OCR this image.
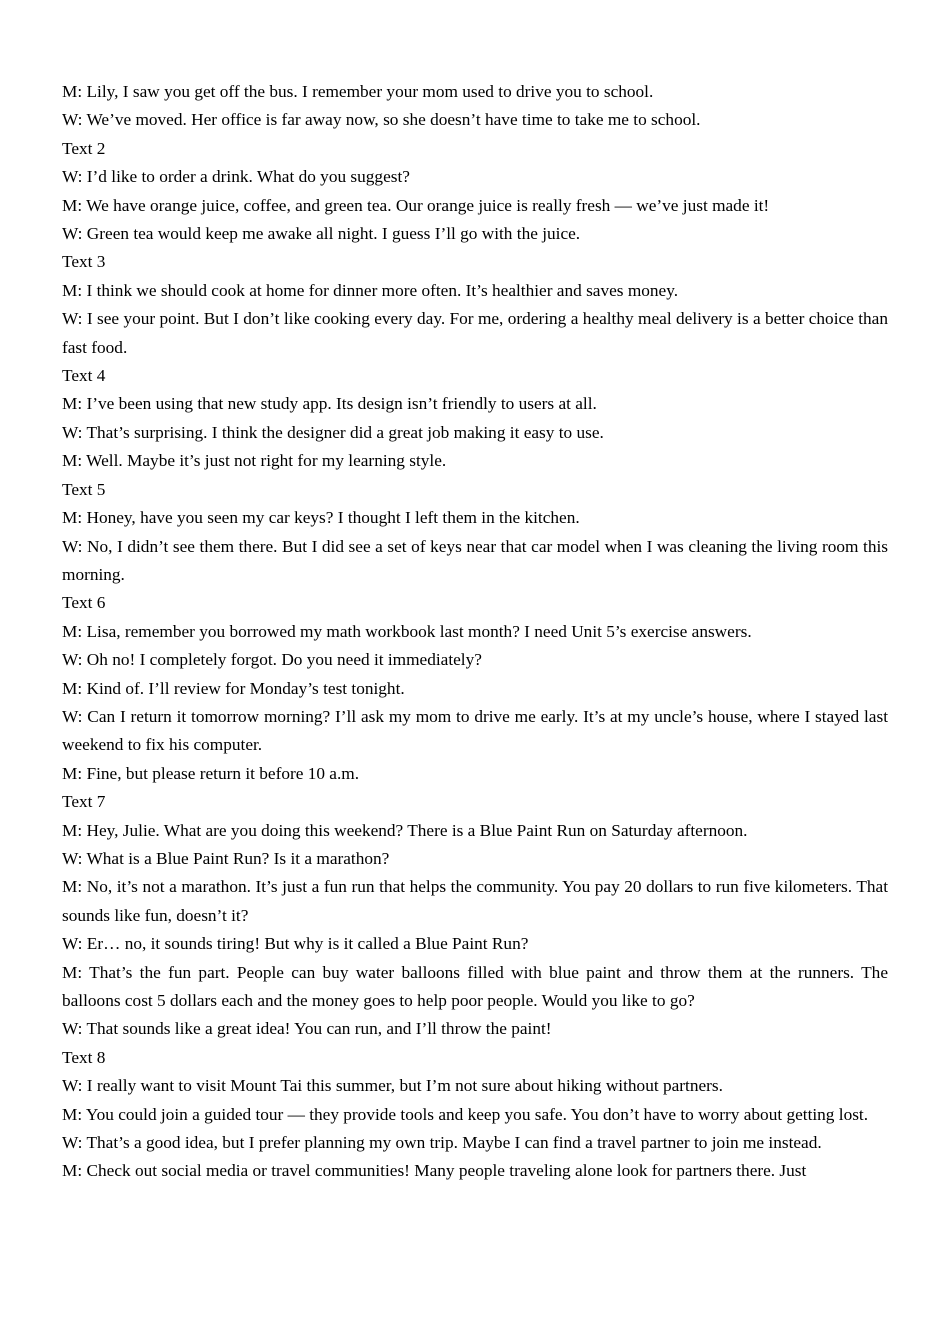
M: Lily, I saw you get off the bus. I remember your mom used to drive you to school.

W: We’ve moved. Her office is far away now, so she doesn’t have time to take me to school.

Text 2

W: I’d like to order a drink. What do you suggest?

M: We have orange juice, coffee, and green tea. Our orange juice is really fresh — we’ve just made it!

W: Green tea would keep me awake all night. I guess I’ll go with the juice.

Text 3

M: I think we should cook at home for dinner more often. It’s healthier and saves money.

W: I see your point. But I don’t like cooking every day. For me, ordering a healthy meal delivery is a better choice than fast food.

Text 4

M: I’ve been using that new study app. Its design isn’t friendly to users at all.

W: That’s surprising. I think the designer did a great job making it easy to use.

M: Well. Maybe it’s just not right for my learning style.

Text 5

M: Honey, have you seen my car keys? I thought I left them in the kitchen.

W: No, I didn’t see them there. But I did see a set of keys near that car model when I was cleaning the living room this morning.

Text 6

M: Lisa, remember you borrowed my math workbook last month? I need Unit 5’s exercise answers.

W: Oh no! I completely forgot. Do you need it immediately?

M: Kind of. I’ll review for Monday’s test tonight.

W: Can I return it tomorrow morning? I’ll ask my mom to drive me early. It’s at my uncle’s house, where I stayed last weekend to fix his computer.

M: Fine, but please return it before 10 a.m.

Text 7

M: Hey, Julie. What are you doing this weekend? There is a Blue Paint Run on Saturday afternoon.

W: What is a Blue Paint Run? Is it a marathon?

M: No, it’s not a marathon. It’s just a fun run that helps the community. You pay 20 dollars to run five kilometers. That sounds like fun, doesn’t it?

W: Er… no, it sounds tiring! But why is it called a Blue Paint Run?

M: That’s the fun part. People can buy water balloons filled with blue paint and throw them at the runners. The balloons cost 5 dollars each and the money goes to help poor people. Would you like to go?

W: That sounds like a great idea! You can run, and I’ll throw the paint!

Text 8

W: I really want to visit Mount Tai this summer, but I’m not sure about hiking without partners.

M: You could join a guided tour — they provide tools and keep you safe. You don’t have to worry about getting lost.

W: That’s a good idea, but I prefer planning my own trip. Maybe I can find a travel partner to join me instead.

M: Check out social media or travel communities! Many people traveling alone look for partners there. Just
